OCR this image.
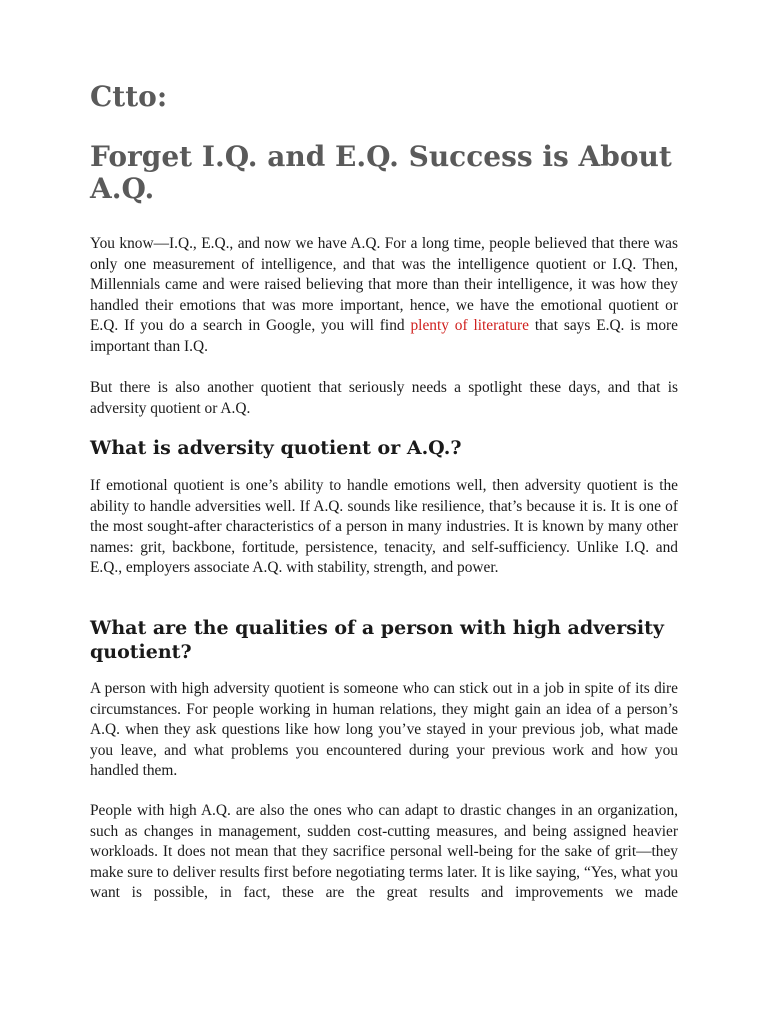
Ctto:
Forget I.Q. and E.Q. Success is About A.Q.

You know—I.Q., E.Q., and now we have A.Q. For a long time, people believed that there was only one measurement of intelligence, and that was the intelligence quotient or I.Q. Then, Millennials came and were raised believing that more than their intelligence, it was how they handled their emotions that was more important, hence, we have the emotional quotient or E.Q. If you do a search in Google, you will find plenty of literature that says E.Q. is more important than I.Q.

But there is also another quotient that seriously needs a spotlight these days, and that is adversity quotient or A.Q.

What is adversity quotient or A.Q.?

If emotional quotient is one’s ability to handle emotions well, then adversity quotient is the ability to handle adversities well. If A.Q. sounds like resilience, that’s because it is. It is one of the most sought-after characteristics of a person in many industries. It is known by many other names: grit, backbone, fortitude, persistence, tenacity, and self-sufficiency. Unlike I.Q. and E.Q., employers associate A.Q. with stability, strength, and power.

What are the qualities of a person with high adversity quotient?

A person with high adversity quotient is someone who can stick out in a job in spite of its dire circumstances. For people working in human relations, they might gain an idea of a person’s A.Q. when they ask questions like how long you’ve stayed in your previous job, what made you leave, and what problems you encountered during your previous work and how you handled them.

People with high A.Q. are also the ones who can adapt to drastic changes in an organization, such as changes in management, sudden cost-cutting measures, and being assigned heavier workloads. It does not mean that they sacrifice personal well-being for the sake of grit—they make sure to deliver results first before negotiating terms later. It is like saying, “Yes, what you want is possible, in fact, these are the great results and improvements we made
